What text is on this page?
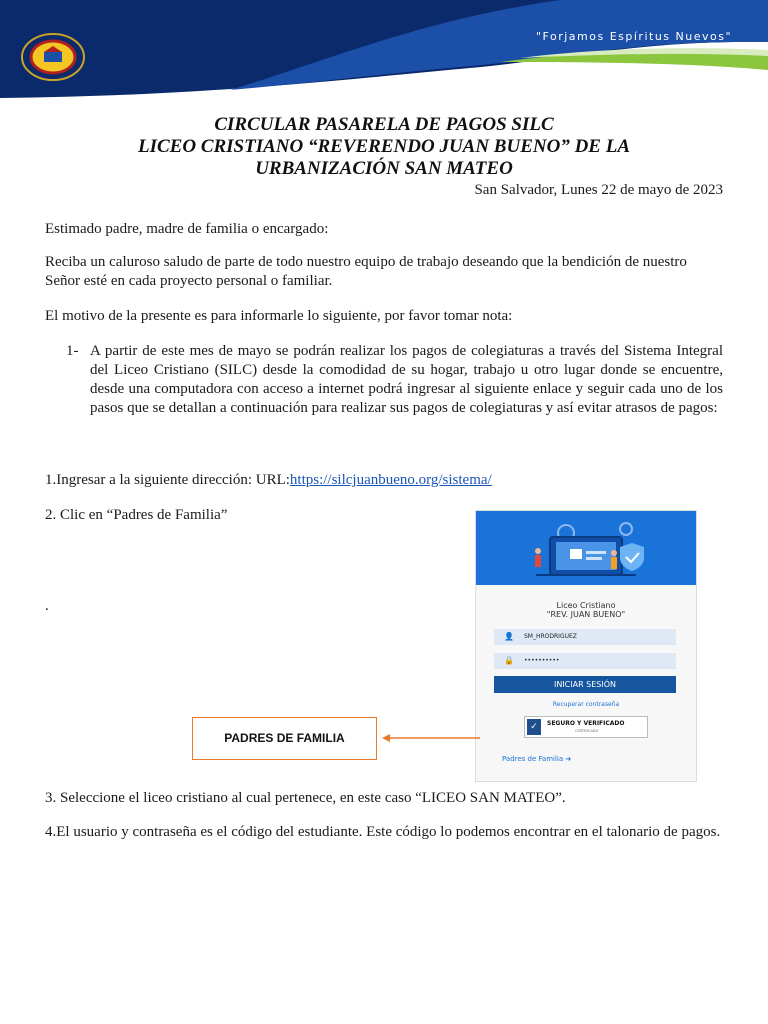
"Forjamos Espíritus Nuevos"
CIRCULAR PASARELA DE PAGOS SILC
LICEO CRISTIANO “REVERENDO JUAN BUENO” DE LA
URBANIZACIÓN SAN MATEO
San Salvador, Lunes 22 de mayo de 2023
Estimado padre, madre de familia o encargado:
Reciba un caluroso saludo de parte de todo nuestro equipo de trabajo deseando que la bendición de nuestro Señor esté en cada proyecto personal o familiar.
El motivo de la presente es para informarle lo siguiente, por favor tomar nota:
1- A partir de este mes de mayo se podrán realizar los pagos de colegiaturas a través del Sistema Integral del Liceo Cristiano (SILC) desde la comodidad de su hogar, trabajo u otro lugar donde se encuentre, desde una computadora con acceso a internet podrá ingresar al siguiente enlace y seguir cada uno de los pasos que se detallan a continuación para realizar sus pagos de colegiaturas y así evitar atrasos de pagos:
1.Ingresar a la siguiente dirección: URL:https://silcjuanbueno.org/sistema/
2. Clic en “Padres de Familia”
.	Liceo Cristiano
"REV. JUAN BUENO"
👤 SM_HRODRIGUEZ
🔒 ••••••••••
INICIAR SESIÓN
Recuperar contraseña
✓	SEGURO Y VERIFICADO
CERTIFICADO
Padres de Familia ➜
PADRES DE FAMILIA
3. Seleccione el liceo cristiano al cual pertenece, en este caso “LICEO SAN MATEO”.
4.El usuario y contraseña es el código del estudiante. Este código lo podemos encontrar en el talonario de pagos.
